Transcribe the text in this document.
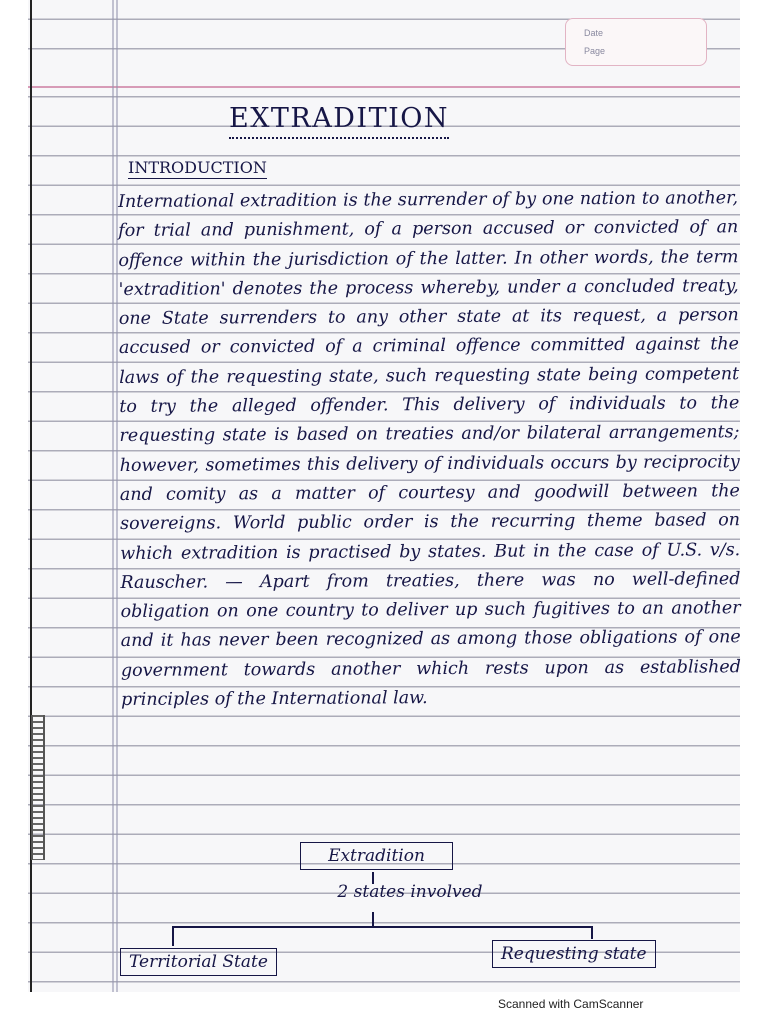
Date
Page
EXTRADITION
INTRODUCTION
International extradition is the surrender of by one nation to another, for trial and punishment, of a person accused or convicted of an offence within the jurisdiction of the latter. In other words, the term 'extradition' denotes the process whereby, under a concluded treaty, one State surrenders to any other state at its request, a person accused or convicted of a criminal offence committed against the laws of the requesting state, such requesting state being competent to try the alleged offender. This delivery of individuals to the requesting state is based on treaties and/or bilateral arrangements; however, sometimes this delivery of individuals occurs by reciprocity and comity as a matter of courtesy and goodwill between the sovereigns. World public order is the recurring theme based on which extradition is practised by states. But in the case of U.S. v/s. Rauscher. — Apart from treaties, there was no well-defined obligation on one country to deliver up such fugitives to an another and it has never been recognized as among those obligations of one government towards another which rests upon as established principles of the International law.
Extradition
2 states involved
Territorial State	Requesting state
Scanned with CamScanner
